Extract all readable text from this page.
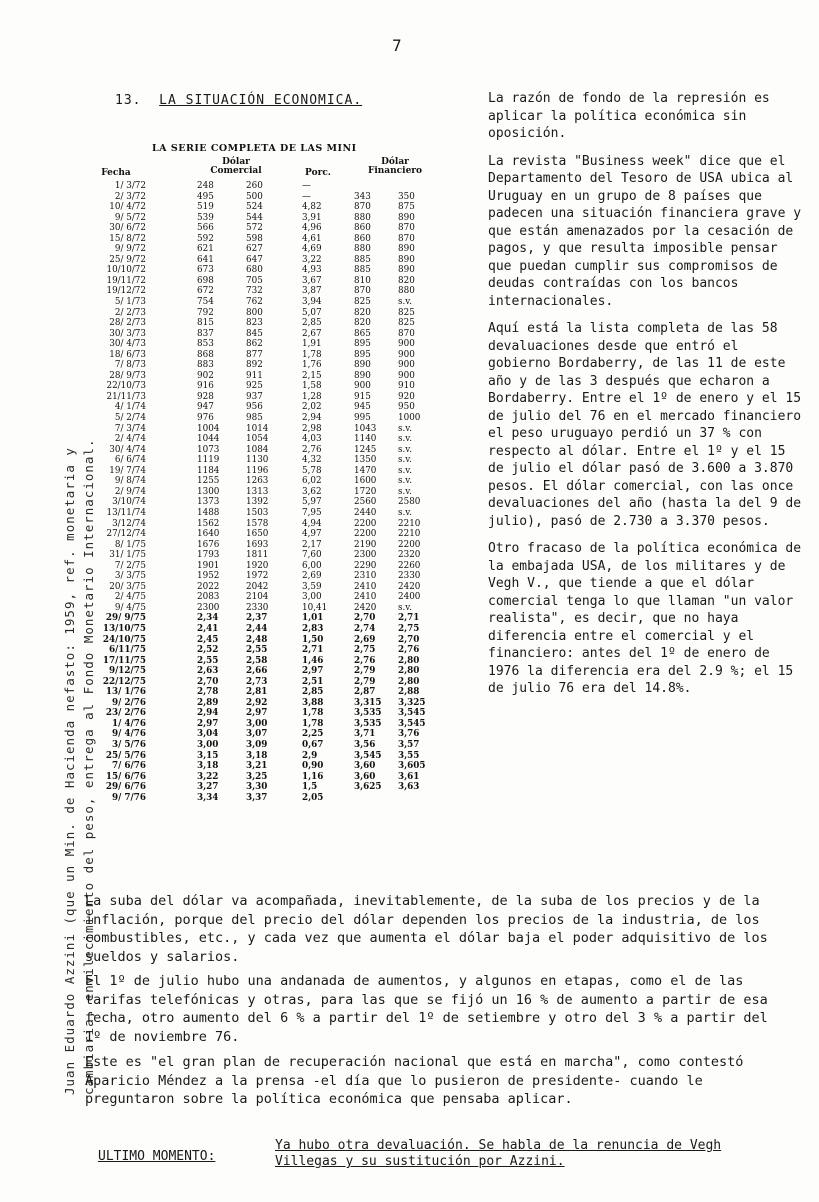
7
13. LA SITUACIÓN ECONOMICA.
Juan Eduardo Azzini (que un Min. de Hacienda nefasto: 1959, ref. monetaria y cambiaria, envilecimiento del peso, entrega al Fondo Monetario Internacional.
LA SERIE COMPLETA DE LAS MINI
Fecha
Dólar Comercial	Porc.
Dólar Financiero
1/ 3/72	248	260	—
2/ 3/72	495	500	—	343	350
10/ 4/72	519	524	4,82	870	875
9/ 5/72	539	544	3,91	880	890
30/ 6/72	566	572	4,96	860	870
15/ 8/72	592	598	4,61	860	870
9/ 9/72	621	627	4,69	880	890
25/ 9/72	641	647	3,22	885	890
10/10/72	673	680	4,93	885	890
19/11/72	698	705	3,67	810	820
19/12/72	672	732	3,87	870	880
5/ 1/73	754	762	3,94	825	s.v.
2/ 2/73	792	800	5,07	820	825
28/ 2/73	815	823	2,85	820	825
30/ 3/73	837	845	2,67	865	870
30/ 4/73	853	862	1,91	895	900
18/ 6/73	868	877	1,78	895	900
7/ 8/73	883	892	1,76	890	900
28/ 9/73	902	911	2,15	890	900
22/10/73	916	925	1,58	900	910
21/11/73	928	937	1,28	915	920
4/ 1/74	947	956	2,02	945	950
5/ 2/74	976	985	2,94	995	1000
7/ 3/74	1004	1014	2,98	1043	s.v.
2/ 4/74	1044	1054	4,03	1140	s.v.
30/ 4/74	1073	1084	2,76	1245	s.v.
6/ 6/74	1119	1130	4,32	1350	s.v.
19/ 7/74	1184	1196	5,78	1470	s.v.
9/ 8/74	1255	1263	6,02	1600	s.v.
2/ 9/74	1300	1313	3,62	1720	s.v.
3/10/74	1373	1392	5,97	2560	2580
13/11/74	1488	1503	7,95	2440	s.v.
3/12/74	1562	1578	4,94	2200	2210
27/12/74	1640	1650	4,97	2200	2210
8/ 1/75	1676	1693	2,17	2190	2200
31/ 1/75	1793	1811	7,60	2300	2320
7/ 2/75	1901	1920	6,00	2290	2260
3/ 3/75	1952	1972	2,69	2310	2330
20/ 3/75	2022	2042	3,59	2410	2420
2/ 4/75	2083	2104	3,00	2410	2400
9/ 4/75	2300	2330	10,41	2420	s.v.
29/ 9/75	2,34	2,37	1,01	2,70	2,71
13/10/75	2,41	2,44	2,83	2,74	2,75
24/10/75	2,45	2,48	1,50	2,69	2,70
6/11/75	2,52	2,55	2,71	2,75	2,76
17/11/75	2,55	2,58	1,46	2,76	2,80
9/12/75	2,63	2,66	2,97	2,79	2,80
22/12/75	2,70	2,73	2,51	2,79	2,80
13/ 1/76	2,78	2,81	2,85	2,87	2,88
9/ 2/76	2,89	2,92	3,88	3,315	3,325
23/ 2/76	2,94	2,97	1,78	3,535	3,545
1/ 4/76	2,97	3,00	1,78	3,535	3,545
9/ 4/76	3,04	3,07	2,25	3,71	3,76
3/ 5/76	3,00	3,09	0,67	3,56	3,57
25/ 5/76	3,15	3,18	2,9	3,545	3,55
7/ 6/76	3,18	3,21	0,90	3,60	3,605
15/ 6/76	3,22	3,25	1,16	3,60	3,61
29/ 6/76	3,27	3,30	1,5	3,625	3,63
9/ 7/76	3,34	3,37	2,05

La razón de fondo de la represión es aplicar la política económica sin oposición.

La revista "Business week" dice que el Departamento del Tesoro de USA ubica al Uruguay en un grupo de 8 países que padecen una situación financiera grave y que están amenazados por la cesación de pagos, y que resulta imposible pensar que puedan cumplir sus compromisos de deudas contraídas con los bancos internacionales.

Aquí está la lista completa de las 58 devaluaciones desde que entró el gobierno Bordaberry, de las 11 de este año y de las 3 después que echaron a Bordaberry. Entre el 1º de enero y el 15 de julio del 76 en el mercado financiero el peso uruguayo perdió un 37 % con respecto al dólar. Entre el 1º y el 15 de julio el dólar pasó de 3.600 a 3.870 pesos. El dólar comercial, con las once devaluaciones del año (hasta la del 9 de julio), pasó de 2.730 a 3.370 pesos.

Otro fracaso de la política económica de la embajada USA, de los militares y de Vegh V., que tiende a que el dólar comercial tenga lo que llaman "un valor realista", es decir, que no haya diferencia entre el comercial y el financiero: antes del 1º de enero de 1976 la diferencia era del 2.9 %; el 15 de julio 76 era del 14.8%.

La suba del dólar va acompañada, inevitablemente, de la suba de los precios y de la inflación, porque del precio del dólar dependen los precios de la industria, de los combustibles, etc., y cada vez que aumenta el dólar baja el poder adquisitivo de los sueldos y salarios.

El 1º de julio hubo una andanada de aumentos, y algunos en etapas, como el de las tarifas telefónicas y otras, para las que se fijó un 16 % de aumento a partir de esa fecha, otro aumento del 6 % a partir del 1º de setiembre y otro del 3 % a partir del 1º de noviembre 76.

Este es "el gran plan de recuperación nacional que está en marcha", como contestó Aparicio Méndez a la prensa -el día que lo pusieron de presidente- cuando le preguntaron sobre la política económica que pensaba aplicar.

ULTIMO MOMENTO:
Ya hubo otra devaluación. Se habla de la renuncia de Vegh Villegas y su sustitución por Azzini.
